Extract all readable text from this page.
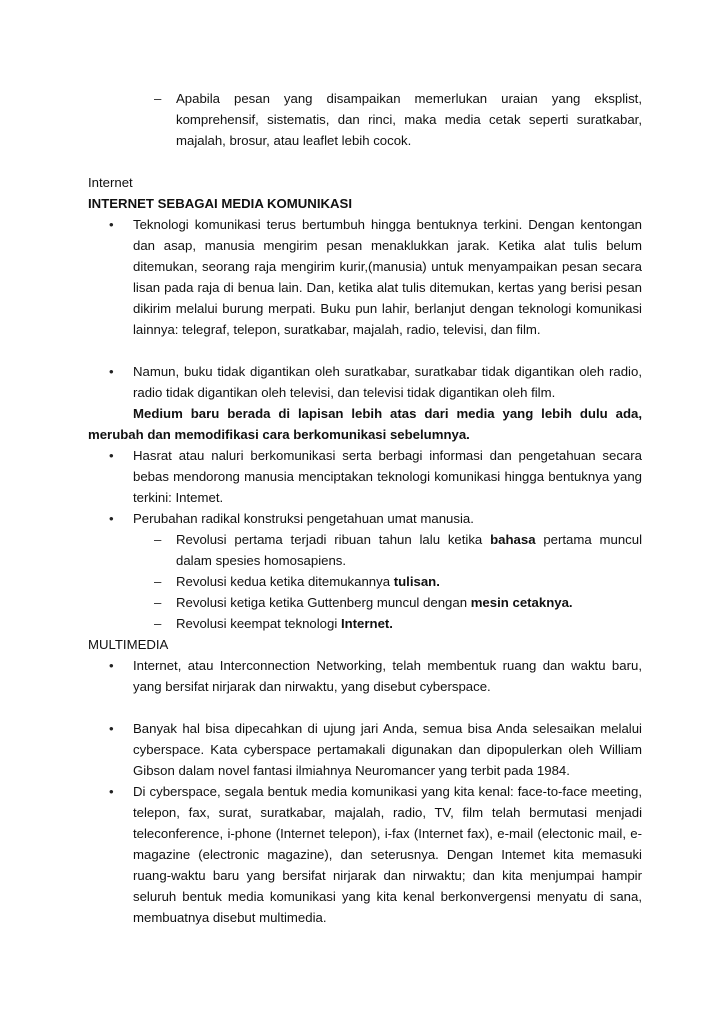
– Apabila pesan yang disampaikan memerlukan uraian yang eksplist, komprehensif, sistematis, dan rinci, maka media cetak seperti suratkabar, majalah, brosur, atau leaflet lebih cocok.

Internet

INTERNET SEBAGAI MEDIA KOMUNIKASI

• Teknologi komunikasi terus bertumbuh hingga bentuknya terkini. Dengan kentongan dan asap, manusia mengirim pesan menaklukkan jarak. Ketika alat tulis belum ditemukan, seorang raja mengirim kurir,(manusia) untuk menyampaikan pesan secara lisan pada raja di benua lain. Dan, ketika alat tulis ditemukan, kertas yang berisi pesan dikirim melalui burung merpati. Buku pun lahir, berlanjut dengan teknologi komunikasi lainnya: telegraf, telepon, suratkabar, majalah, radio, televisi, dan film.

• Namun, buku tidak digantikan oleh suratkabar, suratkabar tidak digantikan oleh radio, radio tidak digantikan oleh televisi, dan televisi tidak digantikan oleh film.

Medium baru berada di lapisan lebih atas dari media yang lebih dulu ada, merubah dan memodifikasi cara berkomunikasi sebelumnya.

• Hasrat atau naluri berkomunikasi serta berbagi informasi dan pengetahuan secara bebas mendorong manusia menciptakan teknologi komunikasi hingga bentuknya yang terkini: Intemet.

• Perubahan radikal konstruksi pengetahuan umat manusia.

– Revolusi pertama terjadi ribuan tahun lalu ketika bahasa pertama muncul dalam spesies homosapiens.

– Revolusi kedua ketika ditemukannya tulisan.

– Revolusi ketiga ketika Guttenberg muncul dengan mesin cetaknya.

– Revolusi keempat teknologi Internet.

MULTIMEDIA

• Internet, atau Interconnection Networking, telah membentuk ruang dan waktu baru, yang bersifat nirjarak dan nirwaktu, yang disebut cyberspace.

• Banyak hal bisa dipecahkan di ujung jari Anda, semua bisa Anda selesaikan melalui cyberspace. Kata cyberspace pertamakali digunakan dan dipopulerkan oleh William Gibson dalam novel fantasi ilmiahnya Neuromancer yang terbit pada 1984.

• Di cyberspace, segala bentuk media komunikasi yang kita kenal: face-to-face meeting, telepon, fax, surat, suratkabar, majalah, radio, TV, film telah bermutasi menjadi teleconference, i-phone (Internet telepon), i-fax (Internet fax), e-mail (electonic mail, e-magazine (electronic magazine), dan seterusnya. Dengan Intemet kita memasuki ruang-waktu baru yang bersifat nirjarak dan nirwaktu; dan kita menjumpai hampir seluruh bentuk media komunikasi yang kita kenal berkonvergensi menyatu di sana, membuatnya disebut multimedia.
